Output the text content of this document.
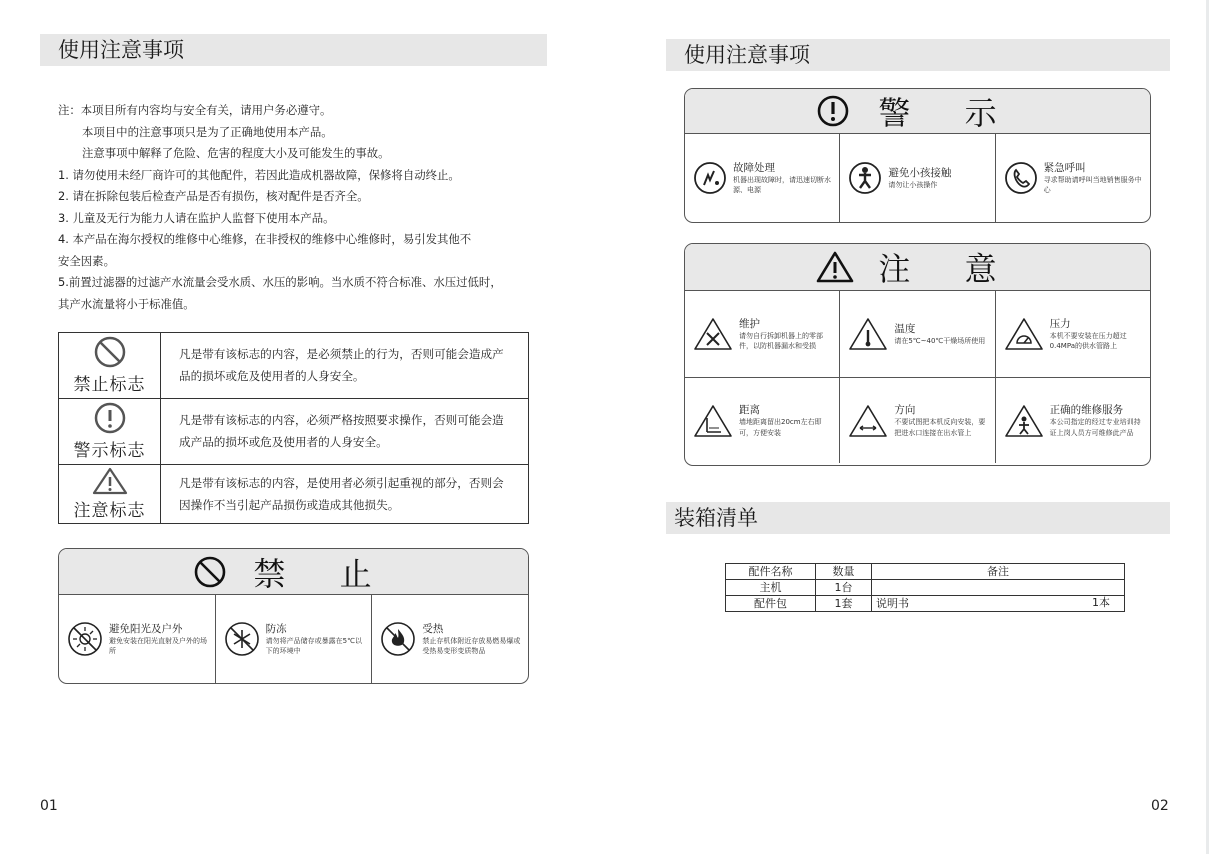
使用注意事项
注：本项目所有内容均与安全有关，请用户务必遵守。
本项目中的注意事项只是为了正确地使用本产品。
注意事项中解释了危险、危害的程度大小及可能发生的事故。
1. 请勿使用未经厂商许可的其他配件，若因此造成机器故障，保修将自动终止。
2. 请在拆除包装后检查产品是否有损伤，核对配件是否齐全。
3. 儿童及无行为能力人请在监护人监督下使用本产品。
4. 本产品在海尔授权的维修中心维修，在非授权的维修中心维修时，易引发其他不
安全因素。
5.前置过滤器的过滤产水流量会受水质、水压的影响。当水质不符合标准、水压过低时，
其产水流量将小于标准值。
禁止标志	凡是带有该标志的内容，是必须禁止的行为，否则可能会造成产品的损坏或危及使用者的人身安全。

警示标志	凡是带有该标志的内容，必须严格按照要求操作，否则可能会造成产品的损坏或危及使用者的人身安全。

注意标志	凡是带有该标志的内容，是使用者必须引起重视的部分，否则会因操作不当引起产品损伤或造成其他损失。
禁 止
避免阳光及户外
避免安装在阳光直射及户外的场所
防冻
请勿将产品储存或暴露在5℃以下的环境中
受热
禁止存机体附近存放易燃易爆或受热易变形变质物品
01
使用注意事项
装箱清单
警 示
故障处理
机器出现故障时，请迅速切断水源、电源
避免小孩接触
请勿让小孩操作
紧急呼叫
寻求帮助请呼叫当地销售服务中心
注 意
维护
请勿自行拆卸机器上的零部件，以防机器漏水和受损
温度
请在5℃~40℃干燥场所使用
压力
本机不要安装在压力超过0.4MPa的供水管路上
距离
墙地距离留出20cm左右即可，方便安装
方向
不要试图把本机反向安装，要把进水口连接在出水管上
正确的维修服务
本公司指定的经过专业培训持证上岗人员方可维修此产品
配件名称	数量	备注
主机	1台	

配件包	1套	说明书 1本
02
